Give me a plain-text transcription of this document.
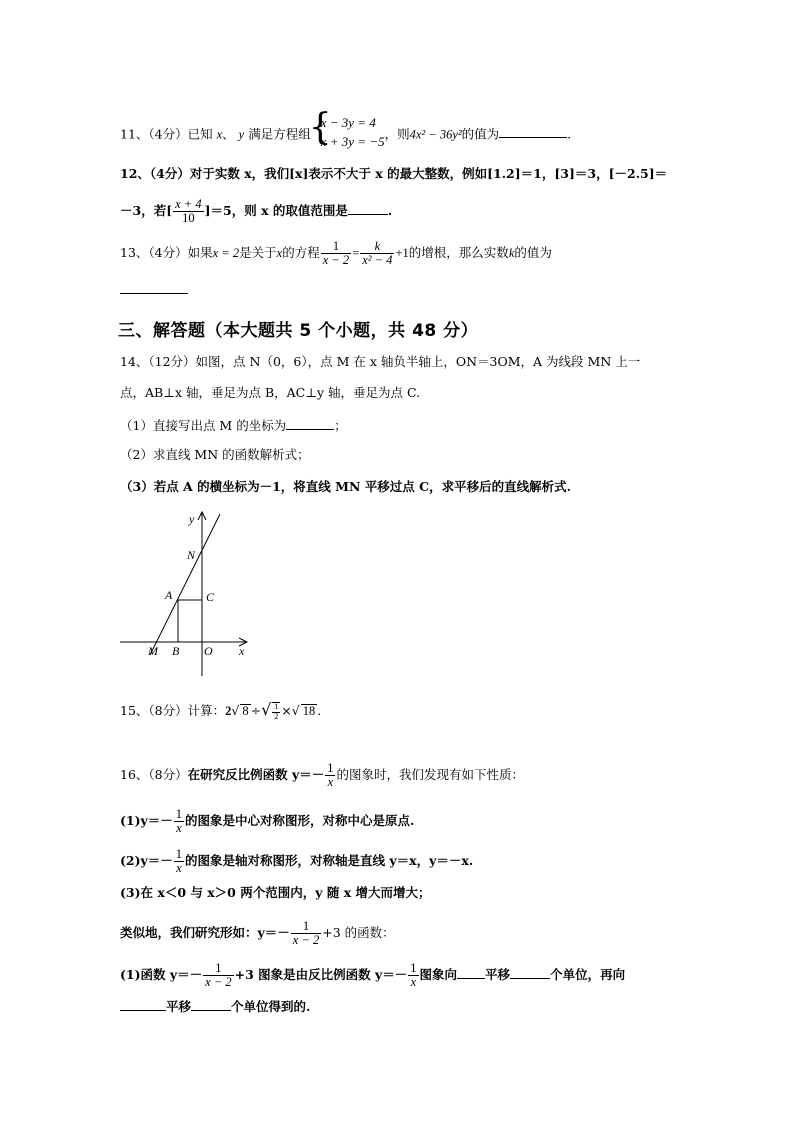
11、（4分）已知 x、 y 满足方程组
{
x − 3y = 4
x + 3y = −5 ，则4x² − 36y²的值为	.
12、（4分）对于实数 x，我们[x]表示不大于 x 的最大整数，例如[1.2]＝1，[3]＝3，[－2.5]＝
－3，若[ $\frac{x + 4}{10} ]=5$，则 x 的取值范围是	.
13、（4分）如果x = 2是关于x的方程 $\frac{1}{x - 2} = \frac{k}{\text{x² − 4}} +1$的增根，那么实数k的值为
三、解答题（本大题共 5 个小题，共 48 分）
14、（12分）如图，点 N（0，6），点 M 在 x 轴负半轴上，ON＝3OM，A 为线段 MN 上一
点，AB⊥x 轴，垂足为点 B，AC⊥y 轴，垂足为点 C.
（1）直接写出点 M 的坐标为	；
（2）求直线 MN 的函数解析式；
（3）若点 A 的横坐标为－1，将直线 MN 平移过点 C，求平移后的直线解析式.
y
N
A	C
M B O x
15、（8分）计算：2√ 8 ÷√ $\frac{1}{2}$ ×√ 18 .
16、（8分）在研究反比例函数 $y=- \frac{1}{x}$ 的图象时，我们发现有如下性质：
$(1)y=- \frac{1}{x}$ 的图象是中心对称图形，对称中心是原点.
$(2)y=- \frac{1}{x}$ 的图象是轴对称图形，对称轴是直线 y＝x，y＝－x.
(3)在 x＜0 与 x＞0 两个范围内，y 随 x 增大而增大；
类似地，我们研究形如：$y=- \frac{1}{x - 2} +3$ 的函数：
(1)函数 $y=- \frac{1}{x - 2} +3$ 图象是由反比例函数 $y=- \frac{1}{x}$ 图象向 平移	个单位，再向
平移	个单位得到的.
